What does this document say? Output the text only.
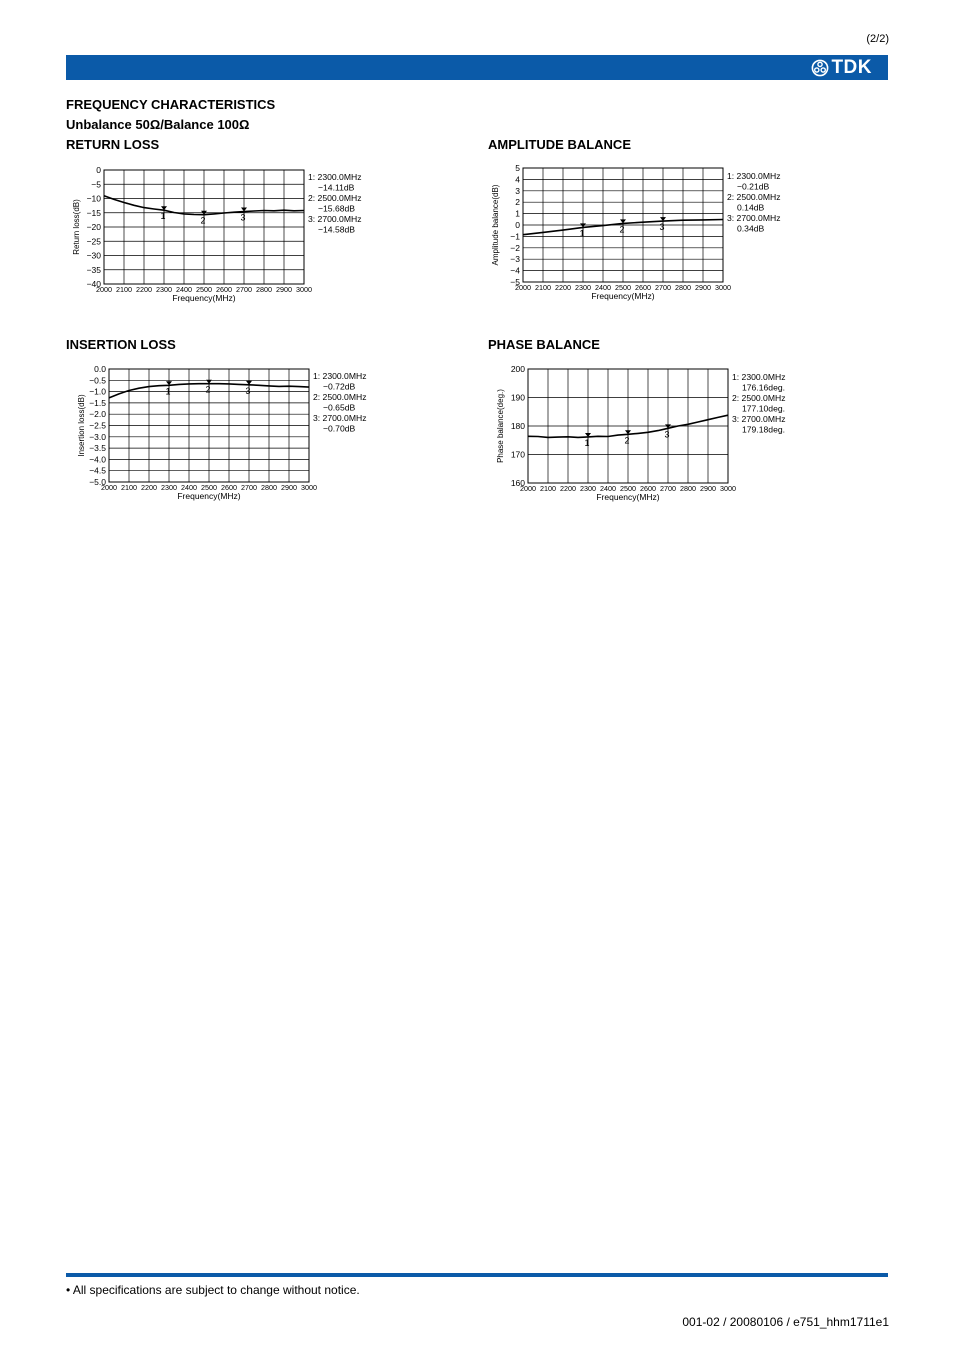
(2/2)
TDK
FREQUENCY CHARACTERISTICS
Unbalance 50Ω/Balance 100Ω
RETURN LOSS
2000 2100 2200 2300 2400 2500 2600 2700 2800 2900 3000
0
−5
−10
−15
−20
−25
−30
−35
−40
Frequency(MHz)
Return loss(dB)	1	2	3
1: 2300.0MHz
−14.11dB
2: 2500.0MHz
−15.68dB
3: 2700.0MHz
−14.58dB
AMPLITUDE BALANCE
2000 2100 2200 2300 2400 2500 2600 2700 2800 2900 3000
5
4
3
2
1
0
−1
−2
−3
−4
−5
Frequency(MHz)
Amplitude balance(dB)	1	2	3
1: 2300.0MHz
−0.21dB
2: 2500.0MHz
0.14dB
3: 2700.0MHz
0.34dB
INSERTION LOSS
2000 2100 2200 2300 2400 2500 2600 2700 2800 2900 3000
0.0
−0.5
−1.0
−1.5
−2.0
−2.5
−3.0
−3.5
−4.0
−4.5
−5.0
Frequency(MHz)
Insertion loss(dB)
1	2	3
1: 2300.0MHz
−0.72dB
2: 2500.0MHz
−0.65dB
3: 2700.0MHz
−0.70dB
PHASE BALANCE
2000 2100 2200 2300 2400 2500 2600 2700 2800 2900 3000
200
190
180
170
160
Frequency(MHz)
Phase balance(deg.)	1	2
3
1: 2300.0MHz
176.16deg.
2: 2500.0MHz
177.10deg.
3: 2700.0MHz
179.18deg.
• All specifications are subject to change without notice.
001-02 / 20080106 / e751_hhm1711e1
